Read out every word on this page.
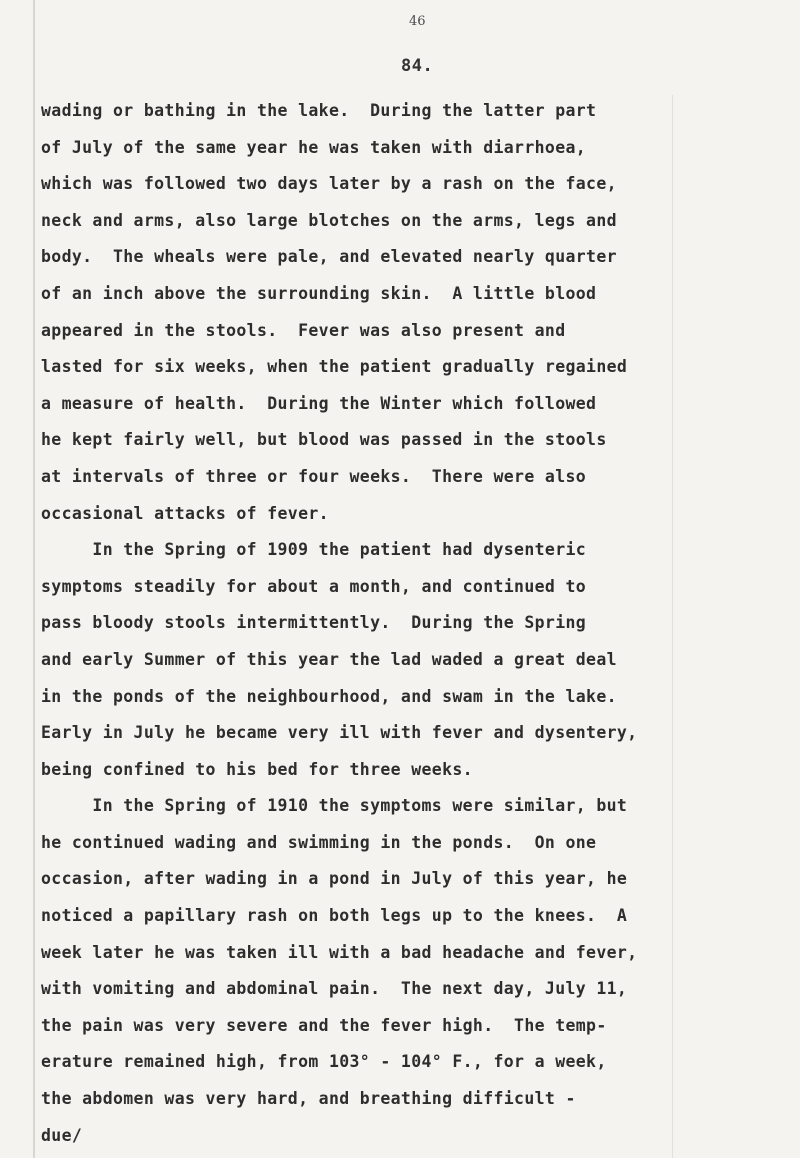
46
84.
wading or bathing in the lake.  During the latter part
of July of the same year he was taken with diarrhoea,
which was followed two days later by a rash on the face,
neck and arms, also large blotches on the arms, legs and
body.  The wheals were pale, and elevated nearly quarter
of an inch above the surrounding skin.  A little blood
appeared in the stools.  Fever was also present and
lasted for six weeks, when the patient gradually regained
a measure of health.  During the Winter which followed
he kept fairly well, but blood was passed in the stools
at intervals of three or four weeks.  There were also
occasional attacks of fever.
In the Spring of 1909 the patient had dysenteric
symptoms steadily for about a month, and continued to
pass bloody stools intermittently.  During the Spring
and early Summer of this year the lad waded a great deal
in the ponds of the neighbourhood, and swam in the lake.
Early in July he became very ill with fever and dysentery,
being confined to his bed for three weeks.
In the Spring of 1910 the symptoms were similar, but
he continued wading and swimming in the ponds.  On one
occasion, after wading in a pond in July of this year, he
noticed a papillary rash on both legs up to the knees.  A
week later he was taken ill with a bad headache and fever,
with vomiting and abdominal pain.  The next day, July 11,
the pain was very severe and the fever high.  The temp-
erature remained high, from 103° - 104° F., for a week,
the abdomen was very hard, and breathing difficult -
due/
